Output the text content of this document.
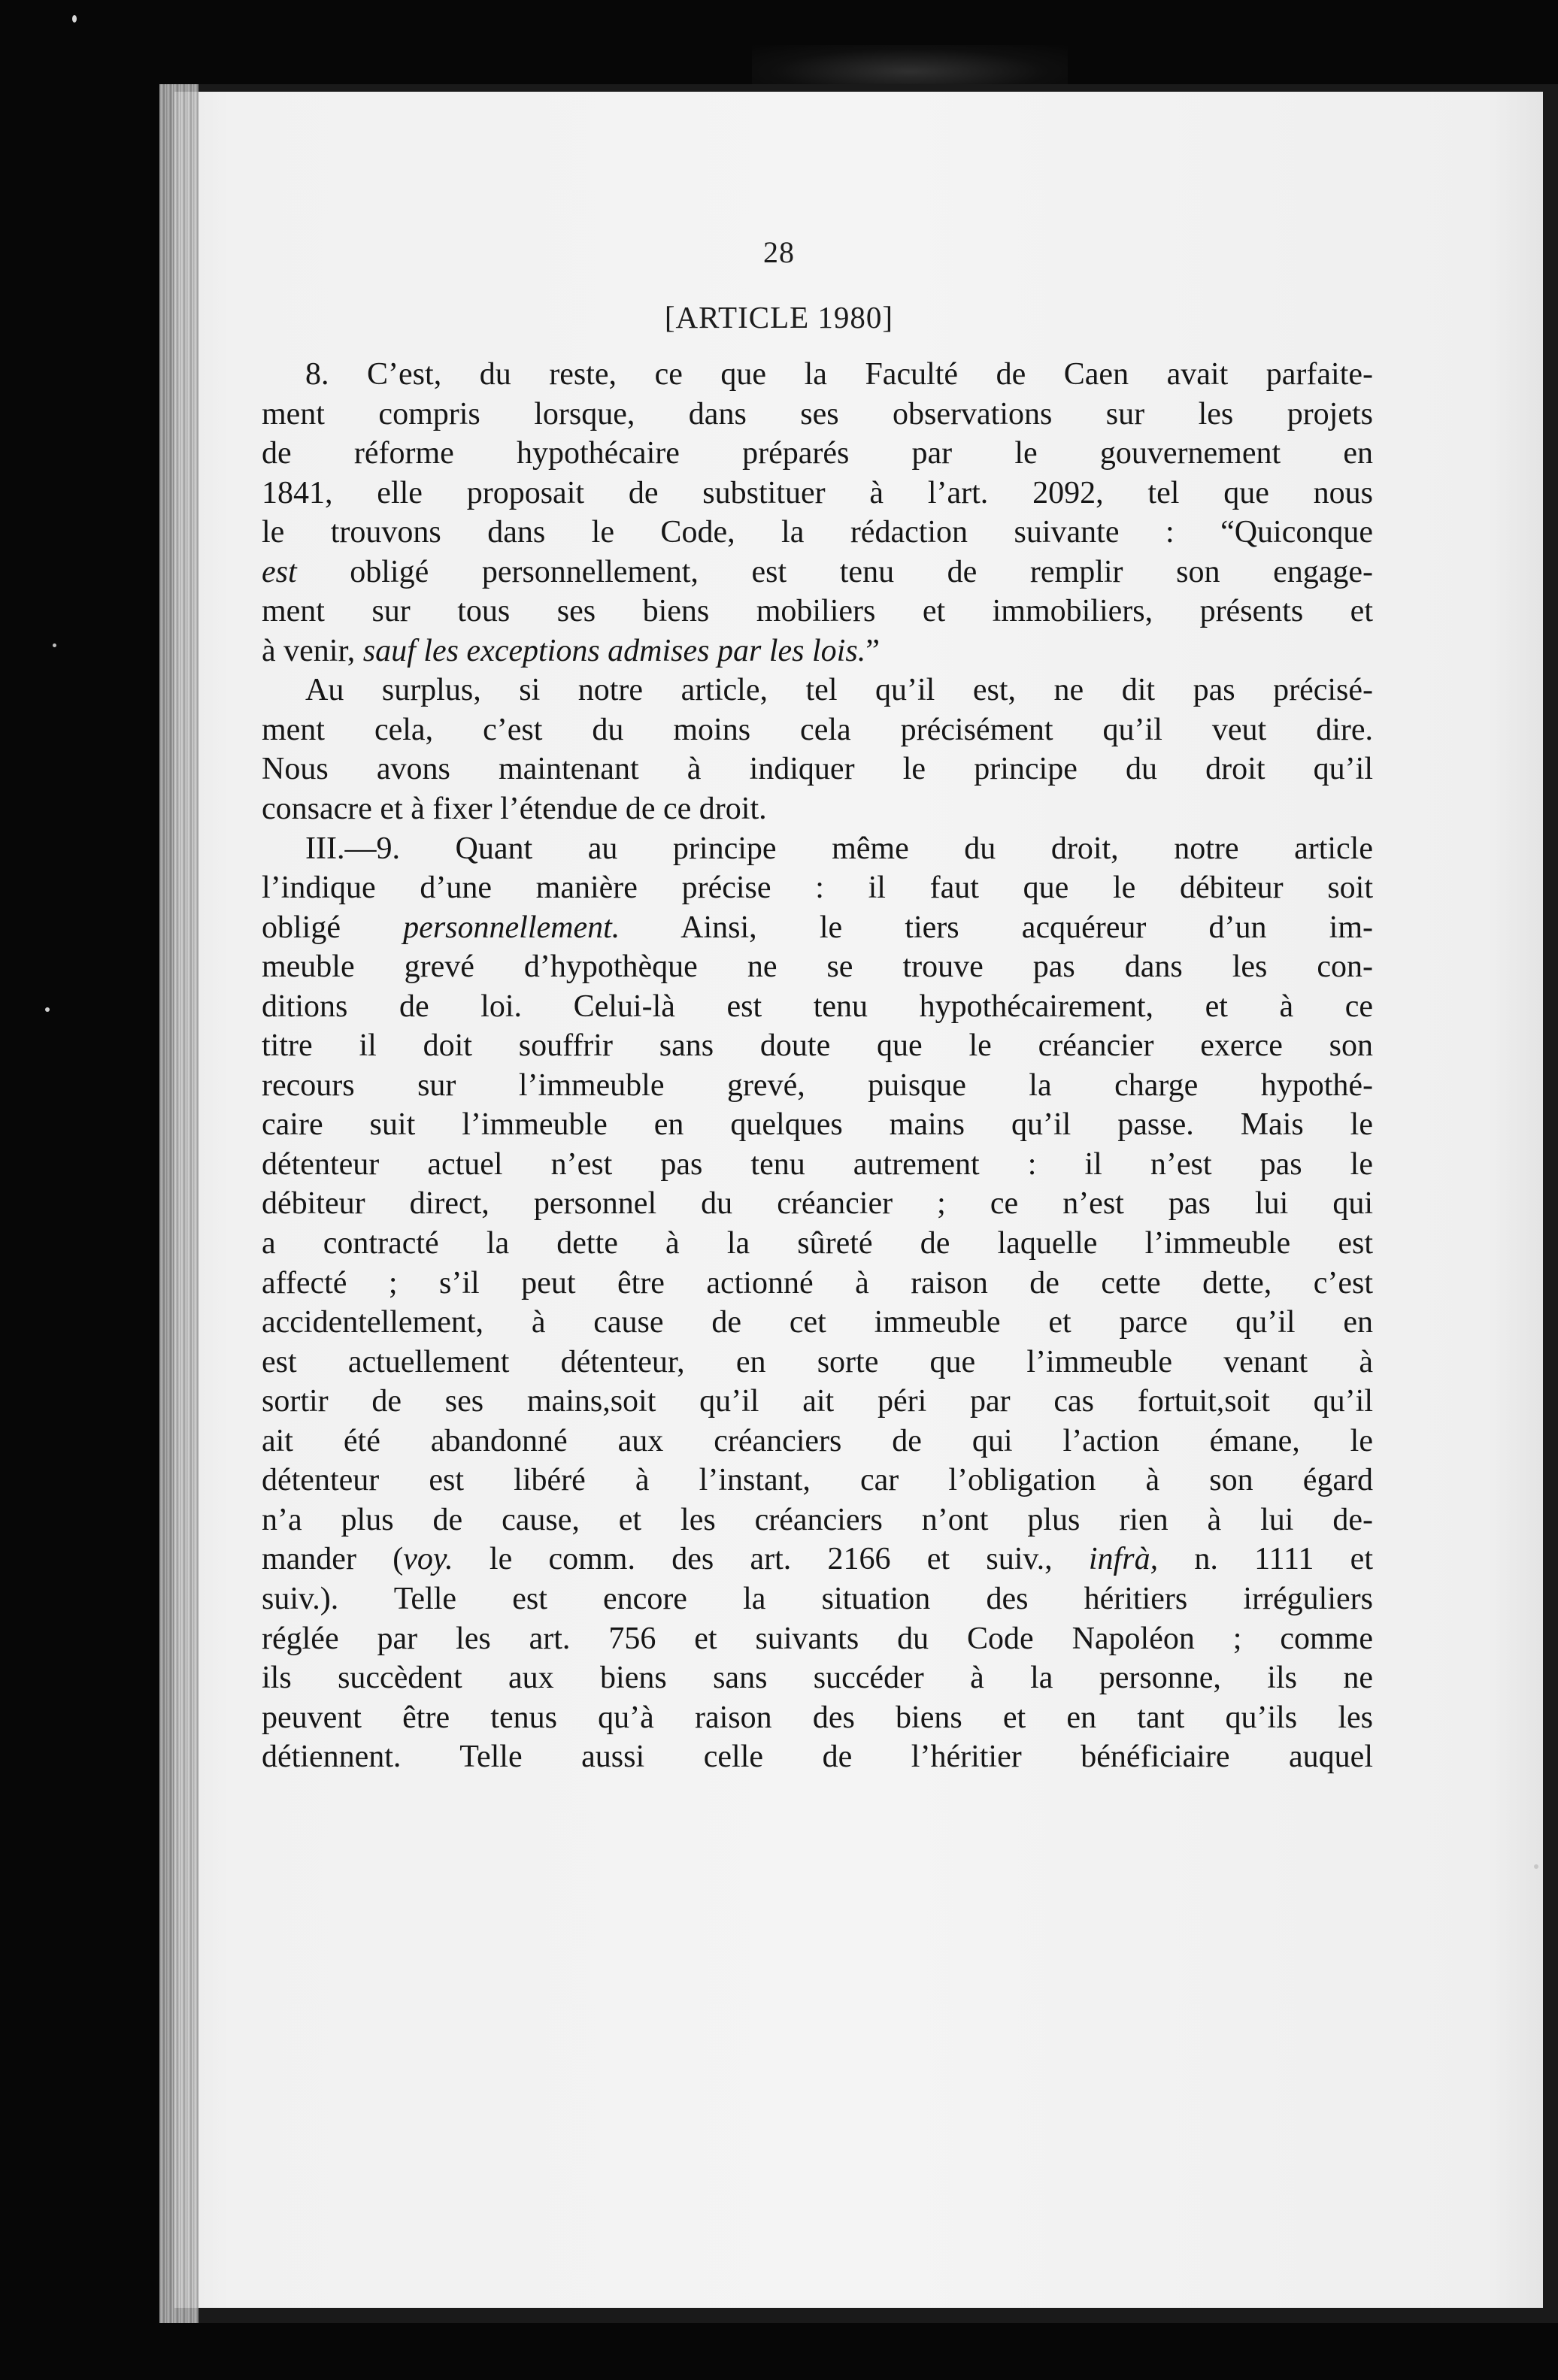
28
[ARTICLE 1980]
8. C’est, du reste, ce que la Faculté de Caen avait parfaite-
ment compris lorsque, dans ses observations sur les projets
de réforme hypothécaire préparés par le gouvernement en
1841, elle proposait de substituer à l’art. 2092, tel que nous
le trouvons dans le Code, la rédaction suivante : “Quiconque
est obligé personnellement, est tenu de remplir son engage-
ment sur tous ses biens mobiliers et immobiliers, présents et
à venir, sauf les exceptions admises par les lois.”
Au surplus, si notre article, tel qu’il est, ne dit pas précisé-
ment cela, c’est du moins cela précisément qu’il veut dire.
Nous avons maintenant à indiquer le principe du droit qu’il
consacre et à fixer l’étendue de ce droit.
III.—9. Quant au principe même du droit, notre article
l’indique d’une manière précise : il faut que le débiteur soit
obligé personnellement. Ainsi, le tiers acquéreur d’un im-
meuble grevé d’hypothèque ne se trouve pas dans les con-
ditions de loi. Celui-là est tenu hypothécairement, et à ce
titre il doit souffrir sans doute que le créancier exerce son
recours sur l’immeuble grevé, puisque la charge hypothé-
caire suit l’immeuble en quelques mains qu’il passe. Mais le
détenteur actuel n’est pas tenu autrement : il n’est pas le
débiteur direct, personnel du créancier ; ce n’est pas lui qui
a contracté la dette à la sûreté de laquelle l’immeuble est
affecté ; s’il peut être actionné à raison de cette dette, c’est
accidentellement, à cause de cet immeuble et parce qu’il en
est actuellement détenteur, en sorte que l’immeuble venant à
sortir de ses mains,soit qu’il ait péri par cas fortuit,soit qu’il
ait été abandonné aux créanciers de qui l’action émane, le
détenteur est libéré à l’instant, car l’obligation à son égard
n’a plus de cause, et les créanciers n’ont plus rien à lui de-
mander (voy. le comm. des art. 2166 et suiv., infrà, n. 1111 et
suiv.). Telle est encore la situation des héritiers irréguliers
réglée par les art. 756 et suivants du Code Napoléon ; comme
ils succèdent aux biens sans succéder à la personne, ils ne
peuvent être tenus qu’à raison des biens et en tant qu’ils les
détiennent. Telle aussi celle de l’héritier bénéficiaire auquel
